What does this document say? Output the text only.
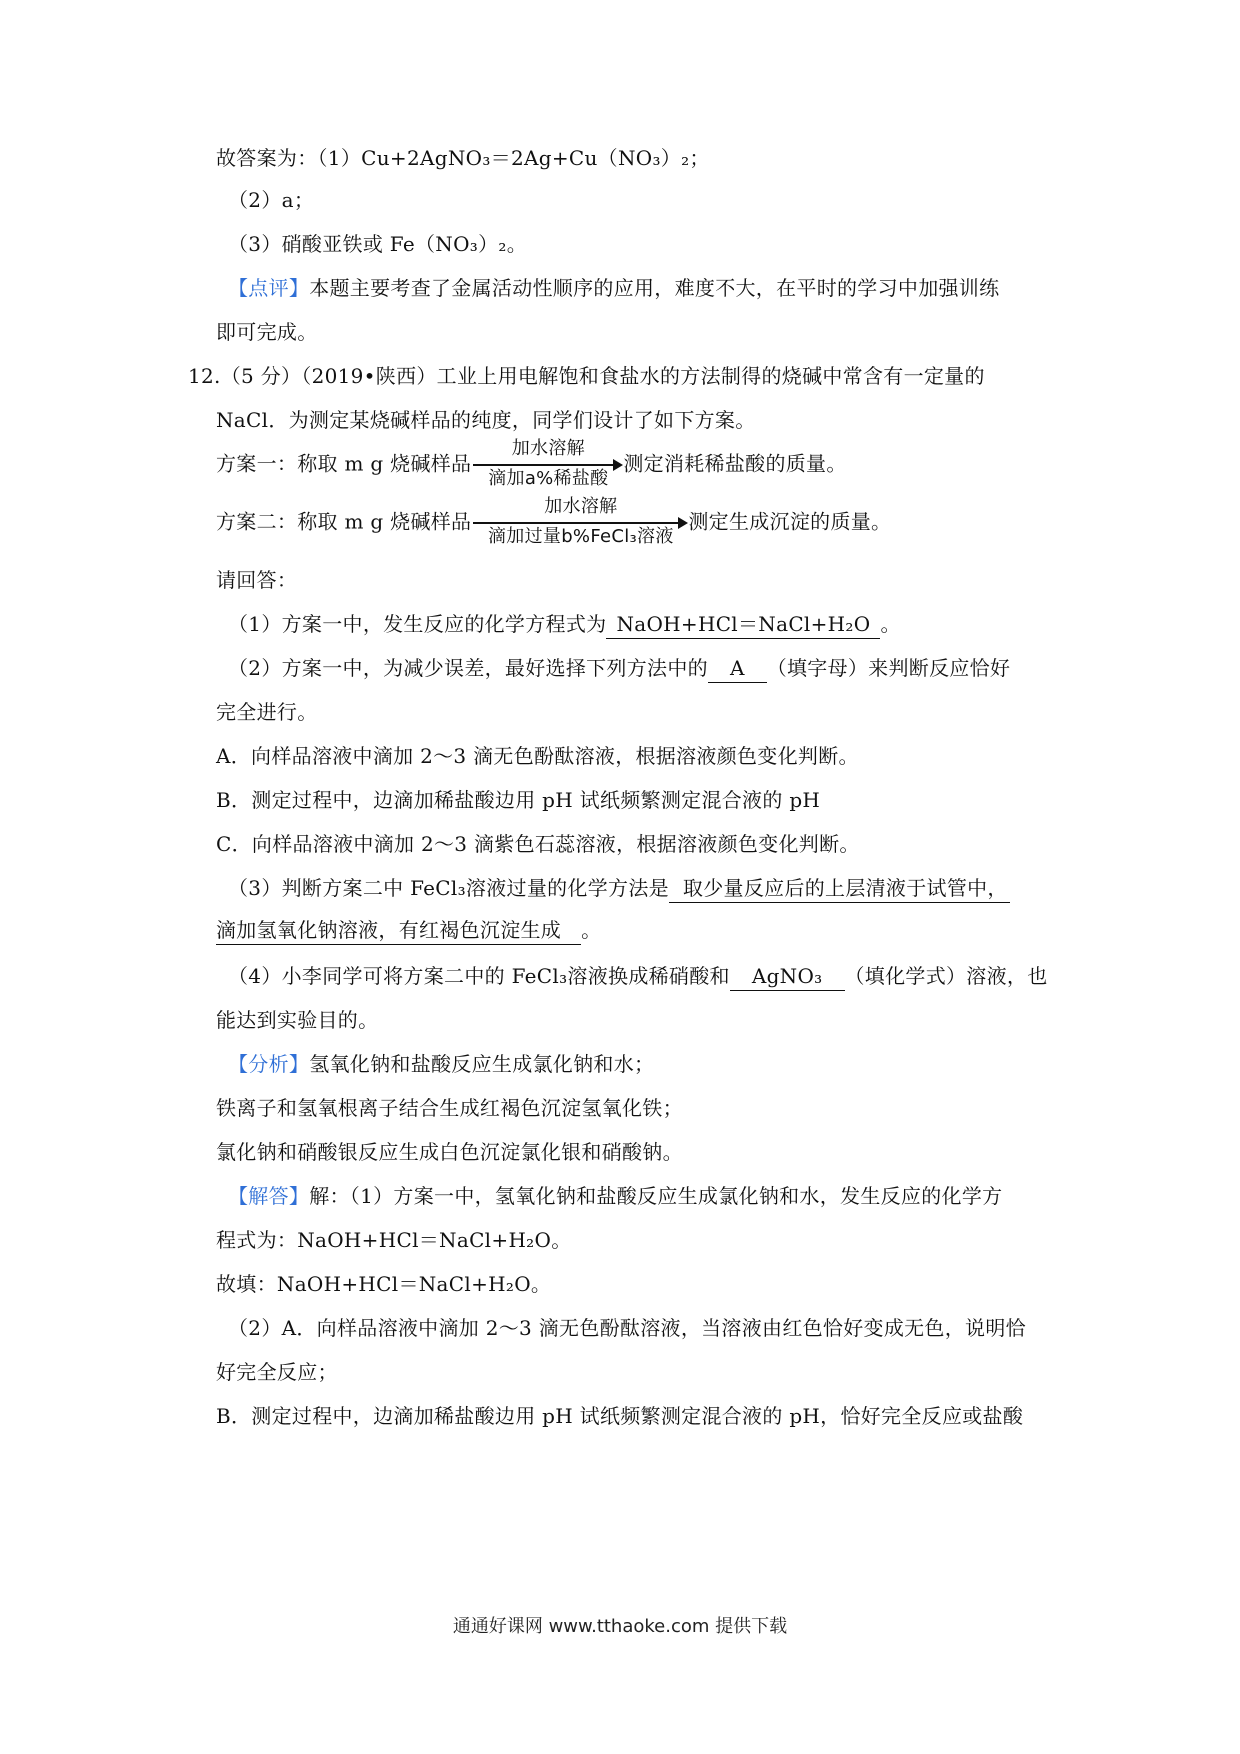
故答案为：（1）Cu+2AgNO₃＝2Ag+Cu（NO₃）₂；
（2）a；
（3）硝酸亚铁或 Fe（NO₃）₂。
【点评】本题主要考查了金属活动性顺序的应用，难度不大，在平时的学习中加强训练
即可完成。
12.（5 分）（2019•陕西）工业上用电解饱和食盐水的方法制得的烧碱中常含有一定量的
NaCl．为测定某烧碱样品的纯度，同学们设计了如下方案。
方案一：称取 m g 烧碱样品
加水溶解
滴加a%稀盐酸
测定消耗稀盐酸的质量。
方案二：称取 m g 烧碱样品
加水溶解
滴加过量b%FeCl₃溶液
测定生成沉淀的质量。
请回答：
（1）方案一中，发生反应的化学方程式为 NaOH+HCl＝NaCl+H₂O 。
（2）方案一中，为减少误差，最好选择下列方法中的 A （填字母）来判断反应恰好
完全进行。
A．向样品溶液中滴加 2～3 滴无色酚酞溶液，根据溶液颜色变化判断。
B．测定过程中，边滴加稀盐酸边用 pH 试纸频繁测定混合液的 pH
C．向样品溶液中滴加 2～3 滴紫色石蕊溶液，根据溶液颜色变化判断。
（3）判断方案二中 FeCl₃溶液过量的化学方法是 取少量反应后的上层清液于试管中，
滴加氢氧化钠溶液，有红褐色沉淀生成 。
（4）小李同学可将方案二中的 FeCl₃溶液换成稀硝酸和 AgNO₃ （填化学式）溶液，也
能达到实验目的。
【分析】氢氧化钠和盐酸反应生成氯化钠和水；
铁离子和氢氧根离子结合生成红褐色沉淀氢氧化铁；
氯化钠和硝酸银反应生成白色沉淀氯化银和硝酸钠。
【解答】解：（1）方案一中，氢氧化钠和盐酸反应生成氯化钠和水，发生反应的化学方
程式为：NaOH+HCl＝NaCl+H₂O。
故填：NaOH+HCl＝NaCl+H₂O。
（2）A．向样品溶液中滴加 2～3 滴无色酚酞溶液，当溶液由红色恰好变成无色，说明恰
好完全反应；
B．测定过程中，边滴加稀盐酸边用 pH 试纸频繁测定混合液的 pH，恰好完全反应或盐酸
通通好课网 www.tthaoke.com 提供下载
